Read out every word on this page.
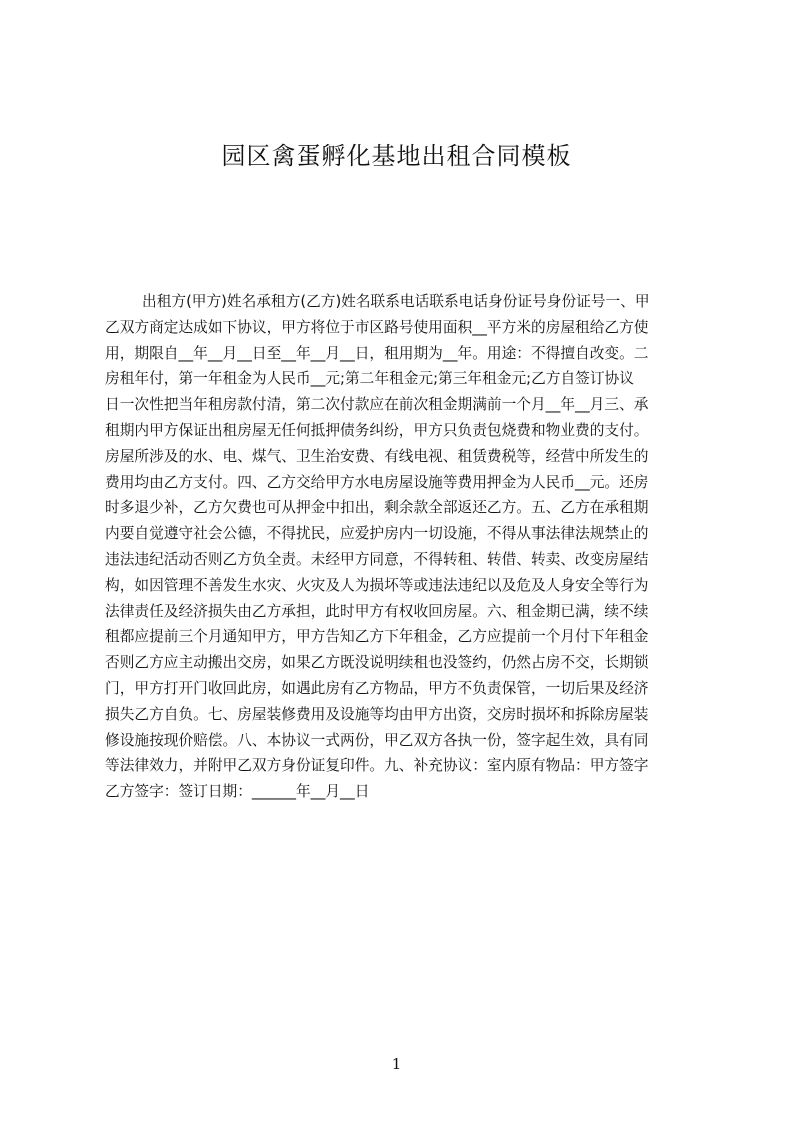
园区禽蛋孵化基地出租合同模板
出租方(甲方)姓名承租方(乙方)姓名联系电话联系电话身份证号身份证号一、甲
乙双方商定达成如下协议，甲方将位于市区路号使用面积__平方米的房屋租给乙方使
用，期限自__年__月__日至__年__月__日，租用期为__年。用途：不得擅自改变。二
房租年付，第一年租金为人民币__元;第二年租金元;第三年租金元;乙方自签订协议
日一次性把当年租房款付清，第二次付款应在前次租金期满前一个月__年__月三、承
租期内甲方保证出租房屋无任何抵押债务纠纷，甲方只负责包烧费和物业费的支付。
房屋所涉及的水、电、煤气、卫生治安费、有线电视、租赁费税等，经营中所发生的
费用均由乙方支付。四、乙方交给甲方水电房屋设施等费用押金为人民币__元。还房
时多退少补，乙方欠费也可从押金中扣出，剩余款全部返还乙方。五、乙方在承租期
内要自觉遵守社会公德，不得扰民，应爱护房内一切设施，不得从事法律法规禁止的
违法违纪活动否则乙方负全责。未经甲方同意，不得转租、转借、转卖、改变房屋结
构，如因管理不善发生水灾、火灾及人为损坏等或违法违纪以及危及人身安全等行为
法律责任及经济损失由乙方承担，此时甲方有权收回房屋。六、租金期已满，续不续
租都应提前三个月通知甲方，甲方告知乙方下年租金，乙方应提前一个月付下年租金
否则乙方应主动搬出交房，如果乙方既没说明续租也没签约，仍然占房不交，长期锁
门，甲方打开门收回此房，如遇此房有乙方物品，甲方不负责保管，一切后果及经济
损失乙方自负。七、房屋装修费用及设施等均由甲方出资，交房时损坏和拆除房屋装
修设施按现价赔偿。八、本协议一式两份，甲乙双方各执一份，签字起生效，具有同
等法律效力，并附甲乙双方身份证复印件。九、补充协议：室内原有物品：甲方签字
乙方签字：签订日期：______年__月__日
1
